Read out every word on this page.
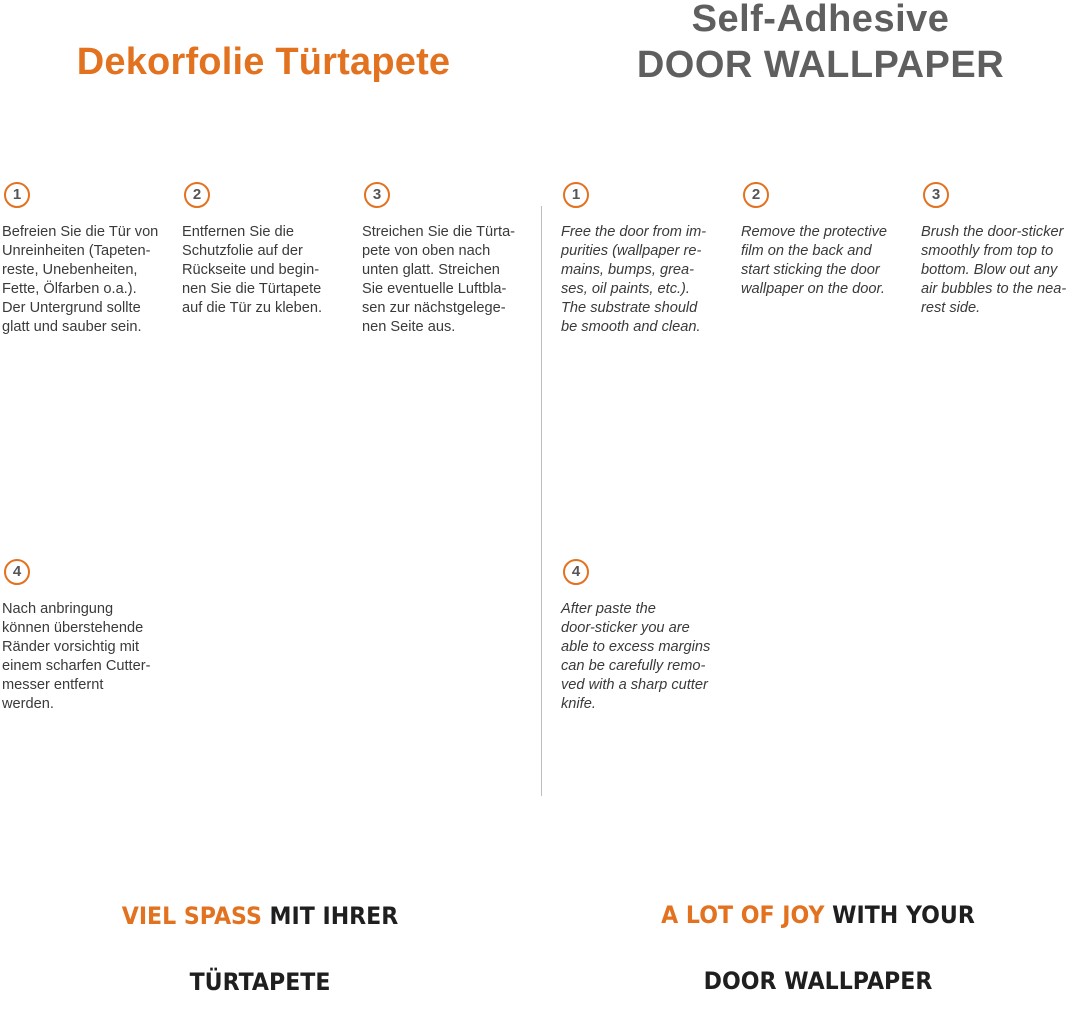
Dekorfolie Türtapete
Self-Adhesive
DOOR WALLPAPER
1
Befreien Sie die Tür von
Unreinheiten (Tapeten-
reste, Unebenheiten,
Fette, Ölfarben o.a.).
Der Untergrund sollte
glatt und sauber sein.
2
Entfernen Sie die
Schutzfolie auf der
Rückseite und begin-
nen Sie die Türtapete
auf die Tür zu kleben.
3
Streichen Sie die Türta-
pete von oben nach
unten glatt. Streichen
Sie eventuelle Luftbla-
sen zur nächstgelege-
nen Seite aus.
4
Nach anbringung
können überstehende
Ränder vorsichtig mit
einem scharfen Cutter-
messer entfernt
werden.
1
Free the door from im-
purities (wallpaper re-
mains, bumps, grea-
ses, oil paints, etc.).
The substrate should
be smooth and clean.
2
Remove the protective
film on the back and
start sticking the door
wallpaper on the door.
3
Brush the door-sticker
smoothly from top to
bottom. Blow out any
air bubbles to the nea-
rest side.
4
After paste the
door-sticker you are
able to excess margins
can be carefully remo-
ved with a sharp cutter
knife.

VIEL SPASS MIT IHRER

TÜRTAPETE

A LOT OF JOY WITH YOUR

DOOR WALLPAPER
